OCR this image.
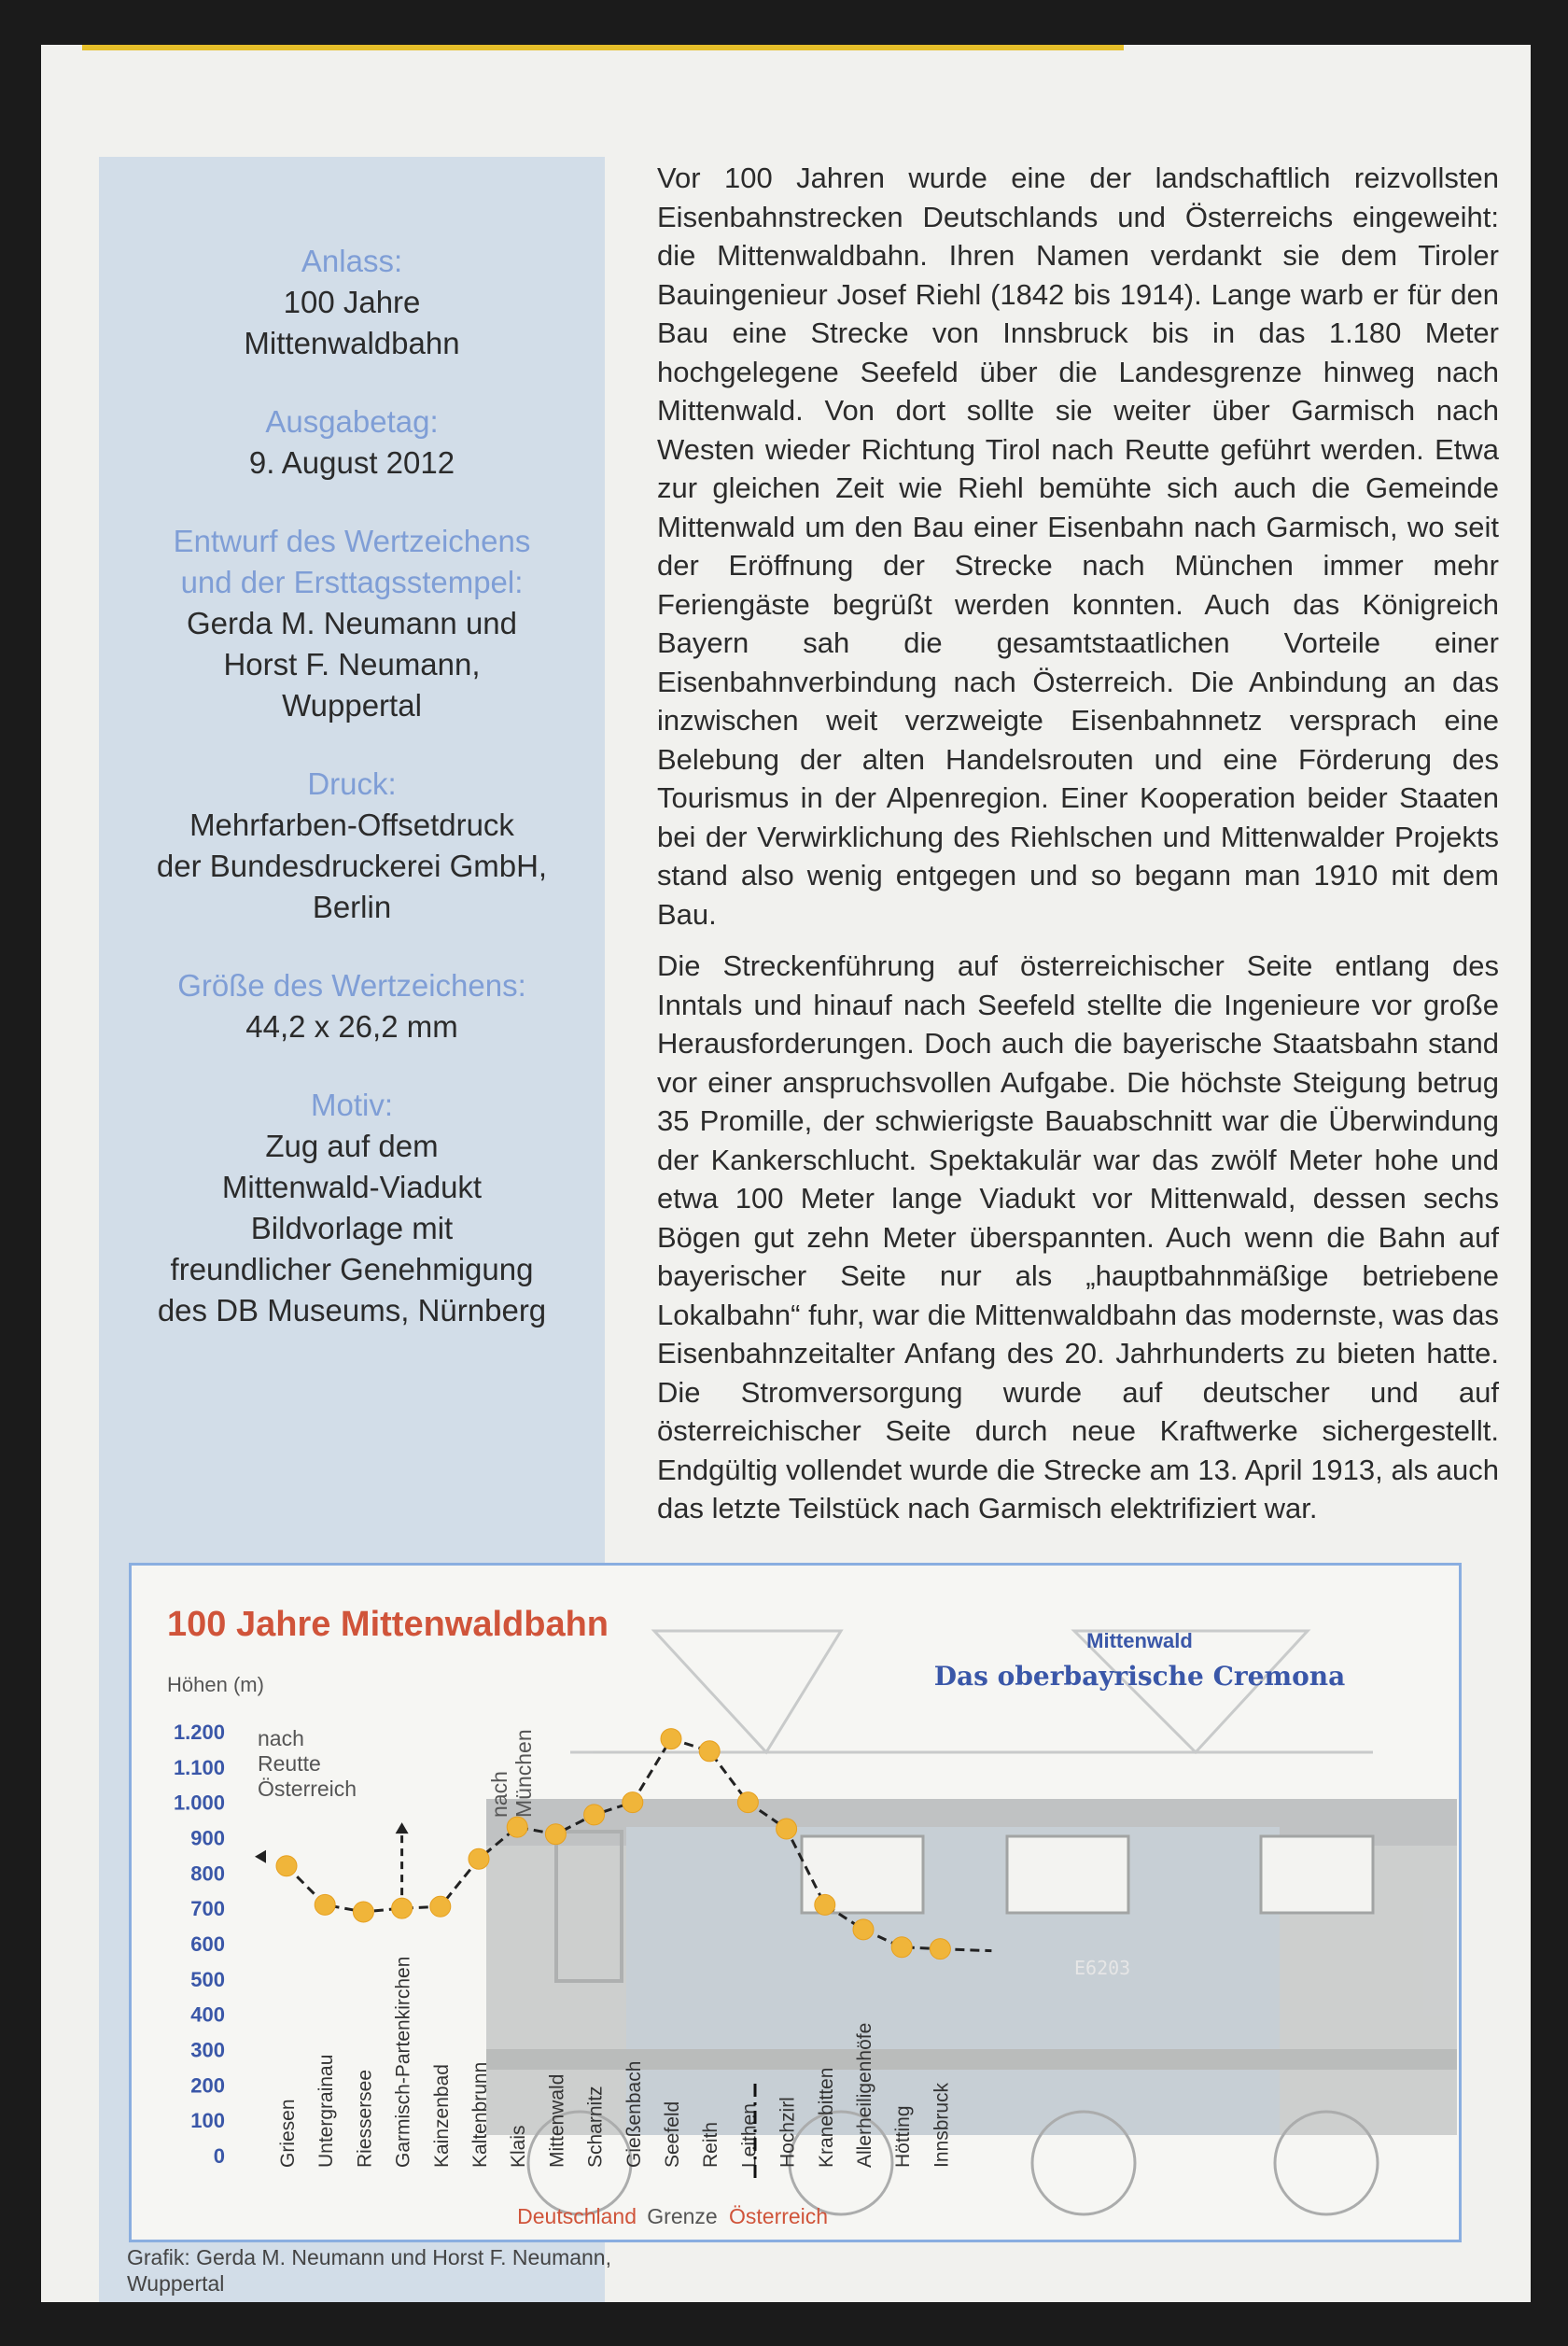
Anlass:
100 Jahre
Mittenwaldbahn
Ausgabetag:
9. August 2012
Entwurf des Wertzeichens
und der Ersttagsstempel:
Gerda M. Neumann und
Horst F. Neumann,
Wuppertal
Druck:
Mehrfarben-Offsetdruck
der Bundesdruckerei GmbH,
Berlin
Größe des Wertzeichens:
44,2 x 26,2 mm
Motiv:
Zug auf dem
Mittenwald-Viadukt
Bildvorlage mit
freundlicher Genehmigung
des DB Museums, Nürnberg

Vor 100 Jahren wurde eine der landschaftlich reizvollsten Eisenbahnstrecken Deutschlands und Österreichs eingeweiht: die Mittenwaldbahn. Ihren Namen verdankt sie dem Tiroler Bauingenieur Josef Riehl (1842 bis 1914). Lange warb er für den Bau eine Strecke von Innsbruck bis in das 1.180 Meter hochgelegene Seefeld über die Landesgrenze hinweg nach Mittenwald. Von dort sollte sie weiter über Garmisch nach Westen wieder Richtung Tirol nach Reutte geführt werden. Etwa zur gleichen Zeit wie Riehl bemühte sich auch die Gemeinde Mittenwald um den Bau einer Eisenbahn nach Garmisch, wo seit der Eröffnung der Strecke nach München immer mehr Feriengäste begrüßt werden konnten. Auch das Königreich Bayern sah die gesamtstaatlichen Vorteile einer Eisenbahnverbindung nach Österreich. Die Anbindung an das inzwischen weit verzweigte Eisenbahnnetz versprach eine Belebung der alten Handelsrouten und eine Förderung des Tourismus in der Alpenregion. Einer Kooperation beider Staaten bei der Verwirklichung des Riehlschen und Mittenwalder Projekts stand also wenig entgegen und so begann man 1910 mit dem Bau.

Die Streckenführung auf österreichischer Seite entlang des Inntals und hinauf nach Seefeld stellte die Ingenieure vor große Herausforderungen. Doch auch die bayerische Staatsbahn stand vor einer anspruchsvollen Aufgabe. Die höchste Steigung betrug 35 Promille, der schwierigste Bauabschnitt war die Überwindung der Kankerschlucht. Spektakulär war das zwölf Meter hohe und etwa 100 Meter lange Viadukt vor Mittenwald, dessen sechs Bögen gut zehn Meter überspannten. Auch wenn die Bahn auf bayerischer Seite nur als „hauptbahnmäßige betriebene Lokalbahn“ fuhr, war die Mittenwaldbahn das modernste, was das Eisenbahnzeitalter Anfang des 20. Jahrhunderts zu bieten hatte. Die Stromversorgung wurde auf deutscher und auf österreichischer Seite durch neue Kraftwerke sichergestellt. Endgültig vollendet wurde die Strecke am 13. April 1913, als auch das letzte Teilstück nach Garmisch elektrifiziert war.

E6203
100 Jahre Mittenwaldbahn
Höhen (m)
Mittenwald
Das oberbayrische Cremona
nach Reutte Österreich
0
100
200
300
400
500
600
700
800
900
1.000
1.100
1.200
Griesen Untergrainau Riessersee Garmisch-Partenkirchen Kainzenbad Kaltenbrunn Klais Mittenwald Scharnitz Gießenbach Seefeld Reith Leithen Hochzirl Kranebitten Allerheiligenhöfe Hötting Innsbruck
Deutschland Grenze Österreich
nach München
Grafik: Gerda M. Neumann und Horst F. Neumann,
Wuppertal
